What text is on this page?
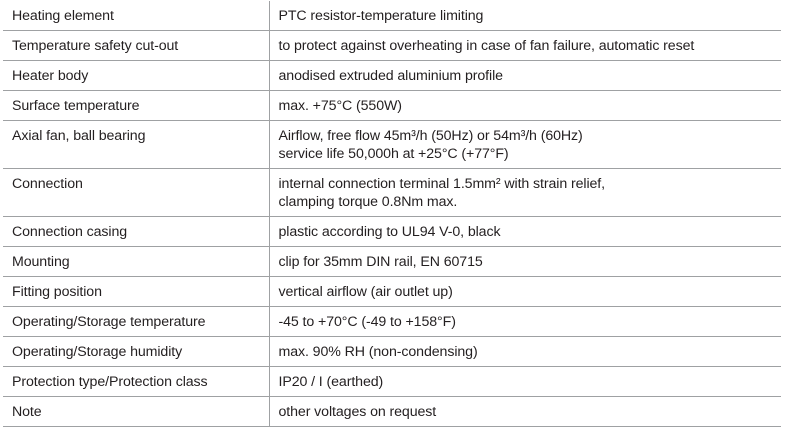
Heating element	PTC resistor-temperature limiting

Temperature safety cut-out	to protect against overheating in case of fan failure, automatic reset

Heater body	anodised extruded aluminium profile

Surface temperature	max. +75°C (550W)

Axial fan, ball bearing	Airflow, free flow 45m³/h (50Hz) or 54m³/h (60Hz)
service life 50,000h at +25°C (+77°F)

Connection	internal connection terminal 1.5mm² with strain relief,
clamping torque 0.8Nm max.

Connection casing	plastic according to UL94 V-0, black

Mounting	clip for 35mm DIN rail, EN 60715

Fitting position	vertical airflow (air outlet up)

Operating/Storage temperature	-45 to +70°C (-49 to +158°F)

Operating/Storage humidity	max. 90% RH (non-condensing)

Protection type/Protection class	IP20 / I (earthed)

Note	other voltages on request
